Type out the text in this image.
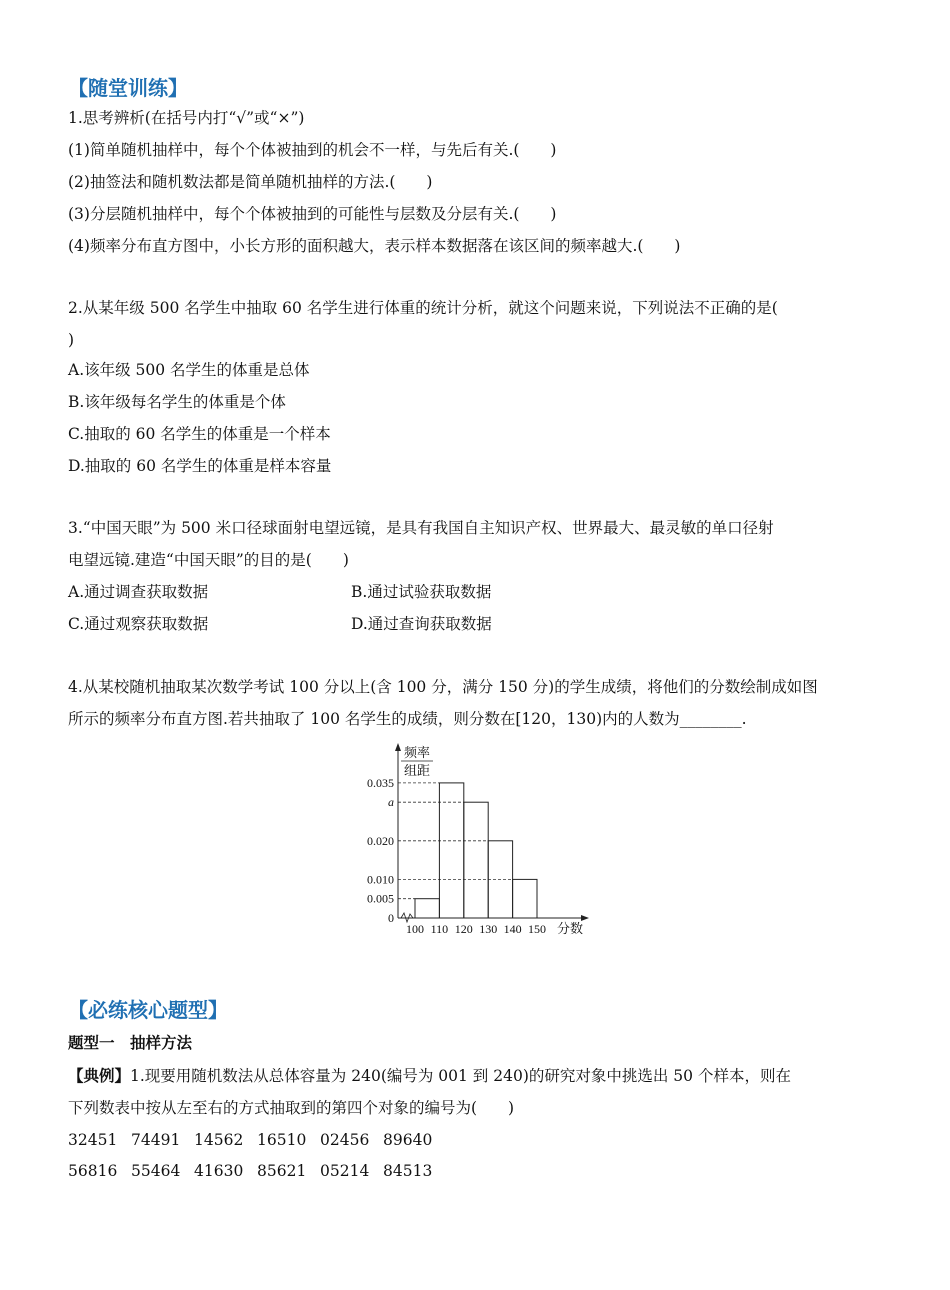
【随堂训练】
1.思考辨析(在括号内打“√”或“×”)
(1)简单随机抽样中，每个个体被抽到的机会不一样，与先后有关.(　　)
(2)抽签法和随机数法都是简单随机抽样的方法.(　　)
(3)分层随机抽样中，每个个体被抽到的可能性与层数及分层有关.(　　)
(4)频率分布直方图中，小长方形的面积越大，表示样本数据落在该区间的频率越大.(　　)
2.从某年级 500 名学生中抽取 60 名学生进行体重的统计分析，就这个问题来说，下列说法不正确的是(
)
A.该年级 500 名学生的体重是总体
B.该年级每名学生的体重是个体
C.抽取的 60 名学生的体重是一个样本
D.抽取的 60 名学生的体重是样本容量
3.“中国天眼”为 500 米口径球面射电望远镜，是具有我国自主知识产权、世界最大、最灵敏的单口径射
电望远镜.建造“中国天眼”的目的是(　　)
A.通过调查获取数据	B.通过试验获取数据
C.通过观察获取数据	D.通过查询获取数据
4.从某校随机抽取某次数学考试 100 分以上(含 100 分，满分 150 分)的学生成绩，将他们的分数绘制成如图
所示的频率分布直方图.若共抽取了 100 名学生的成绩，则分数在[120，130)内的人数为________.
0.005
0.010
0.020
a
0.035
0
100 110 120 130 140 150 分数
频率
组距
【必练核心题型】
题型一　抽样方法
【典例】1.现要用随机数法从总体容量为 240(编号为 001 到 240)的研究对象中挑选出 50 个样本，则在
下列数表中按从左至右的方式抽取到的第四个对象的编号为(　　)
32451 74491 14562 16510 02456 89640
56816 55464 41630 85621 05214 84513
